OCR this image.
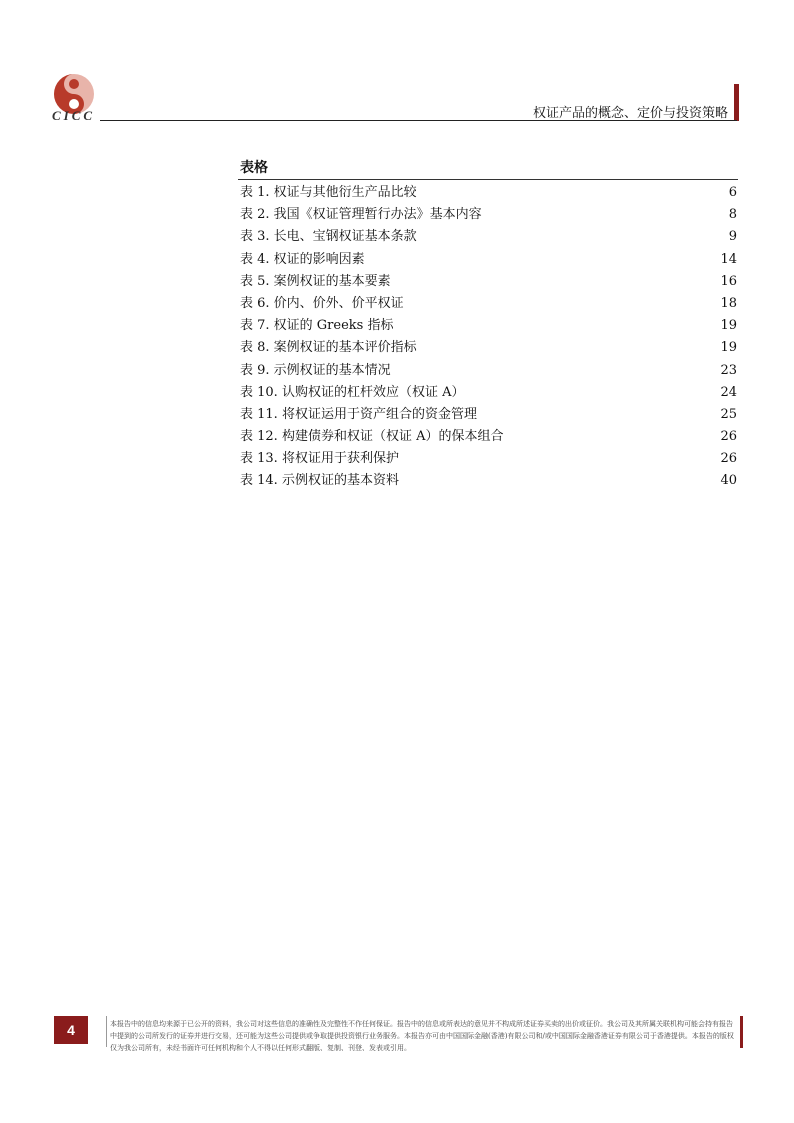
CICC	权证产品的概念、定价与投资策略
表格
表 1. 权证与其他衍生产品比较	6
表 2. 我国《权证管理暂行办法》基本内容	8
表 3. 长电、宝钢权证基本条款	9
表 4. 权证的影响因素	14
表 5. 案例权证的基本要素	16
表 6. 价内、价外、价平权证	18
表 7. 权证的 Greeks 指标	19
表 8. 案例权证的基本评价指标	19
表 9. 示例权证的基本情况	23
表 10. 认购权证的杠杆效应（权证 A）	24
表 11. 将权证运用于资产组合的资金管理	25
表 12. 构建债券和权证（权证 A）的保本组合	26
表 13. 将权证用于获利保护	26
表 14. 示例权证的基本资料	40
4	本报告中的信息均来源于已公开的资料，我公司对这些信息的准确性及完整性不作任何保证。报告中的信息或所表达的意见并不构成所述证券买卖的出价或征价。我公司及其所属关联机构可能会持有报告中提到的公司所发行的证券并进行交易，还可能为这些公司提供或争取提供投资银行业务服务。本报告亦可由中国国际金融(香港)有限公司和/或中国国际金融香港证券有限公司于香港提供。本报告的版权仅为我公司所有，未经书面许可任何机构和个人不得以任何形式翻版、复制、刊登、发表或引用。
